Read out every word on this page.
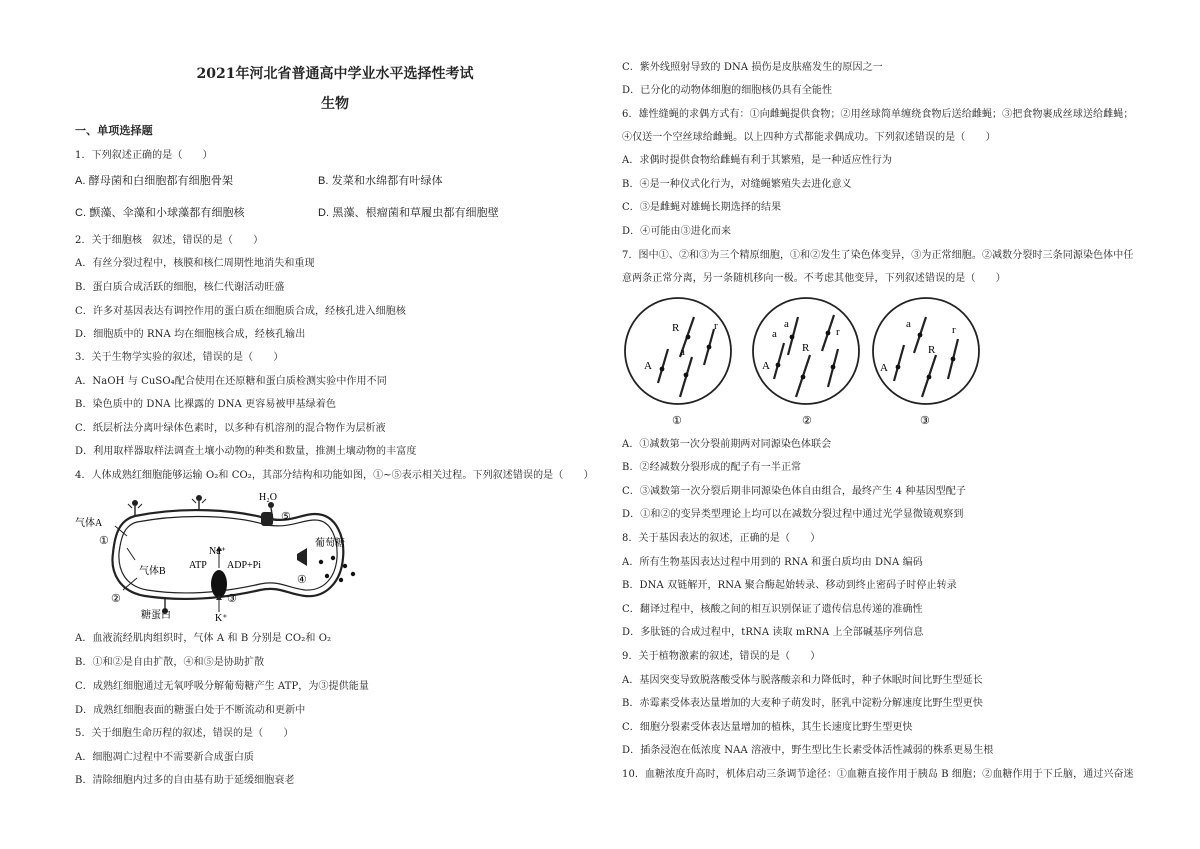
2021年河北省普通高中学业水平选择性考试
生物
一、单项选择题
1．下列叙述正确的是（　　）
A. 酵母菌和白细胞都有细胞骨架	B. 发菜和水绵都有叶绿体
C. 颤藻、伞藻和小球藻都有细胞核	D. 黑藻、根瘤菌和草履虫都有细胞壁
2．关于细胞核　叙述，错误的是（　　）
A．有丝分裂过程中，核膜和核仁周期性地消失和重现
B．蛋白质合成活跃的细胞，核仁代谢活动旺盛
C．许多对基因表达有调控作用的蛋白质在细胞质合成，经核孔进入细胞核
D．细胞质中的 RNA 均在细胞核合成，经核孔输出
3．关于生物学实验的叙述，错误的是（　　）
A．NaOH 与 CuSO₄配合使用在还原糖和蛋白质检测实验中作用不同
B．染色质中的 DNA 比裸露的 DNA 更容易被甲基绿着色
C．纸层析法分离叶绿体色素时，以多种有机溶剂的混合物作为层析液
D．利用取样器取样法调查土壤小动物的种类和数量，推测土壤动物的丰富度
4．人体成熟红细胞能够运输 O₂和 CO₂，其部分结构和功能如图，①~⑤表示相关过程。下列叙述错误的是（　　）
H₂O
⑤
Na⁺
ATP ADP+Pi
K⁺
③
④
葡萄糖
气体A
①
气体B
②
糖蛋白
A．血液流经肌肉组织时，气体 A 和 B 分别是 CO₂和 O₂
B．①和②是自由扩散，④和⑤是协助扩散
C．成熟红细胞通过无氧呼吸分解葡萄糖产生 ATP，为③提供能量
D．成熟红细胞表面的糖蛋白处于不断流动和更新中
5．关于细胞生命历程的叙述，错误的是（　　）
A．细胞凋亡过程中不需要新合成蛋白质
B．清除细胞内过多的自由基有助于延缓细胞衰老
C．紫外线照射导致的 DNA 损伤是皮肤癌发生的原因之一
D．已分化的动物体细胞的细胞核仍具有全能性
6．雄性缝蝇的求偶方式有：①向雌蝇提供食物；②用丝球简单缠绕食物后送给雌蝇；③把食物裹成丝球送给雌蝇；
④仅送一个空丝球给雌蝇。以上四种方式都能求偶成功。下列叙述错误的是（　　）
A．求偶时提供食物给雌蝇有利于其繁殖，是一种适应性行为
B．④是一种仪式化行为，对缝蝇繁殖失去进化意义
C．③是雌蝇对雄蝇长期选择的结果
D．④可能由③进化而来
7．图中①、②和③为三个精原细胞，①和②发生了染色体变异，③为正常细胞。②减数分裂时三条同源染色体中任
意两条正常分离，另一条随机移向一极。不考虑其他变异，下列叙述错误的是（　　）
R	r
A
a
①
a
a
R
r
A
②
a
R
r
A
③
A．①减数第一次分裂前期两对同源染色体联会
B．②经减数分裂形成的配子有一半正常
C．③减数第一次分裂后期非同源染色体自由组合，最终产生 4 种基因型配子
D．①和②的变异类型理论上均可以在减数分裂过程中通过光学显微镜观察到
8．关于基因表达的叙述，正确的是（　　）
A．所有生物基因表达过程中用到的 RNA 和蛋白质均由 DNA 编码
B．DNA 双链解开，RNA 聚合酶起始转录、移动到终止密码子时停止转录
C．翻译过程中，核酸之间的相互识别保证了遗传信息传递的准确性
D．多肽链的合成过程中，tRNA 读取 mRNA 上全部碱基序列信息
9．关于植物激素的叙述，错误的是（　　）
A．基因突变导致脱落酸受体与脱落酸亲和力降低时，种子休眠时间比野生型延长
B．赤霉素受体表达量增加的大麦种子萌发时，胚乳中淀粉分解速度比野生型更快
C．细胞分裂素受体表达量增加的植株，其生长速度比野生型更快
D．插条浸泡在低浓度 NAA 溶液中，野生型比生长素受体活性减弱的株系更易生根
10．血糖浓度升高时，机体启动三条调节途径：①血糖直接作用于胰岛 B 细胞；②血糖作用于下丘脑，通过兴奋迷
